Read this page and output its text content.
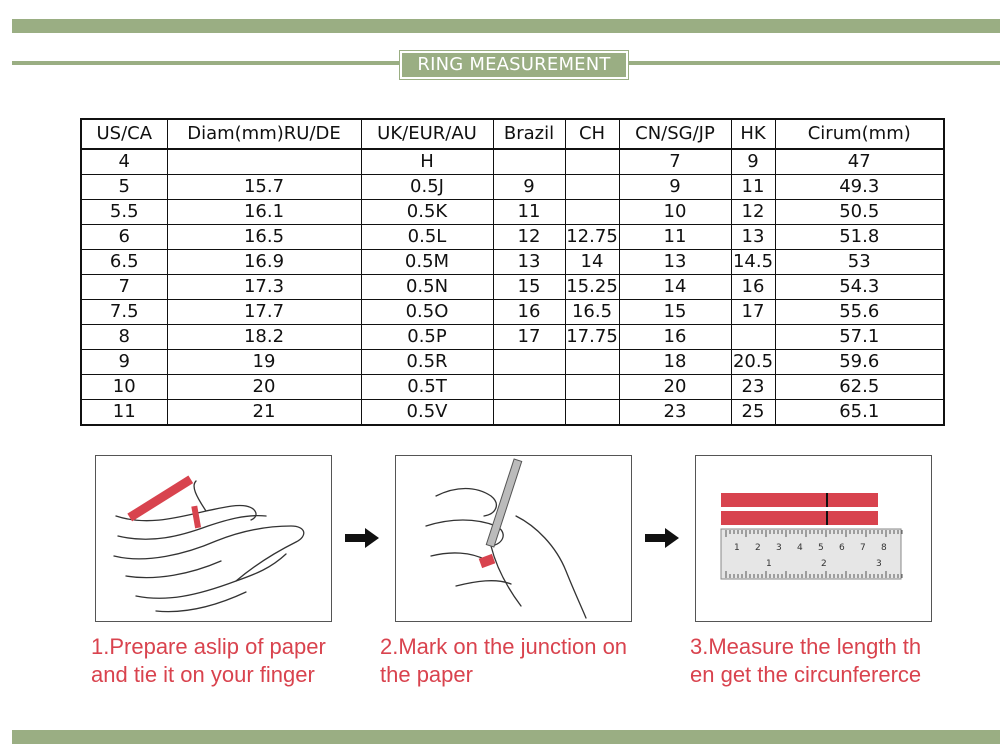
RING MEASUREMENT
US/CA	Diam(mm)RU/DE	UK/EUR/AU	Brazil	CH	CN/SG/JP	HK	Cirum(mm)
4		H			7	9	47
5	15.7	0.5J	9		9	11	49.3
5.5	16.1	0.5K	11		10	12	50.5
6	16.5	0.5L	12	12.75	11	13	51.8
6.5	16.9	0.5M	13	14	13	14.5	53
7	17.3	0.5N	15	15.25	14	16	54.3
7.5	17.7	0.5O	16	16.5	15	17	55.6
8	18.2	0.5P	17	17.75	16		57.1
9	19	0.5R			18	20.5	59.6
10	20	0.5T			20	23	62.5
11	21	0.5V			23	25	65.1
1 2 3 4 5 6 7 8
1	2	3
1.Prepare aslip of paper
and tie it on your finger
2.Mark on the junction on
the paper
3.Measure the length th
en get the circunfererce
